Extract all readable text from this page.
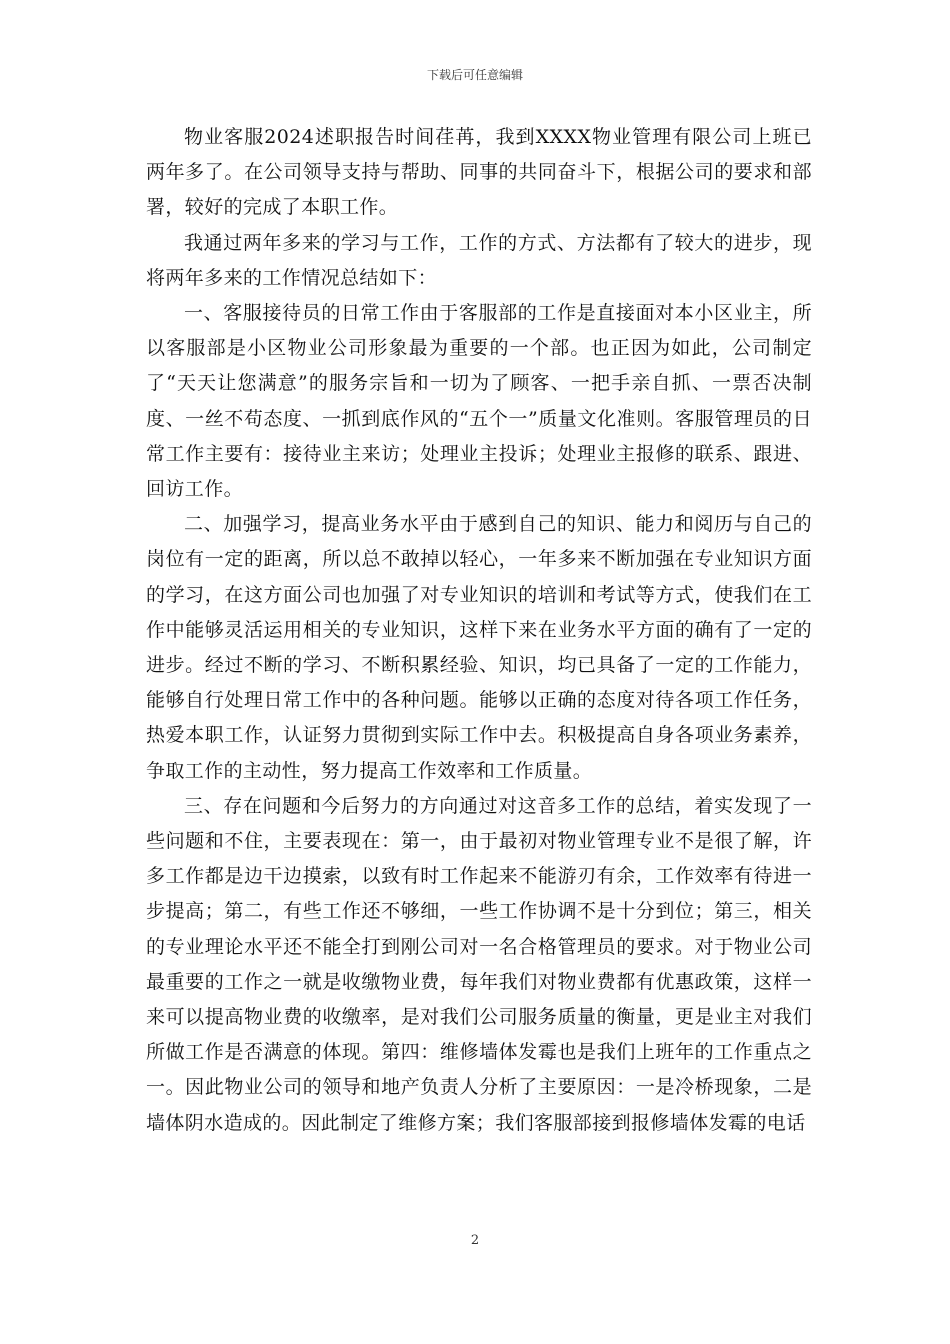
下载后可任意编辑

物业客服2024述职报告时间荏苒，我到XXXX物业管理有限公司上班已两年多了。在公司领导支持与帮助、同事的共同奋斗下，根据公司的要求和部署，较好的完成了本职工作。

我通过两年多来的学习与工作，工作的方式、方法都有了较大的进步，现将两年多来的工作情况总结如下：

一、客服接待员的日常工作由于客服部的工作是直接面对本小区业主，所以客服部是小区物业公司形象最为重要的一个部。也正因为如此，公司制定了“天天让您满意”的服务宗旨和一切为了顾客、一把手亲自抓、一票否决制度、一丝不苟态度、一抓到底作风的“五个一”质量文化准则。客服管理员的日常工作主要有：接待业主来访；处理业主投诉；处理业主报修的联系、跟进、回访工作。

二、加强学习，提高业务水平由于感到自己的知识、能力和阅历与自己的岗位有一定的距离，所以总不敢掉以轻心，一年多来不断加强在专业知识方面的学习，在这方面公司也加强了对专业知识的培训和考试等方式，使我们在工作中能够灵活运用相关的专业知识，这样下来在业务水平方面的确有了一定的进步。经过不断的学习、不断积累经验、知识，均已具备了一定的工作能力，能够自行处理日常工作中的各种问题。能够以正确的态度对待各项工作任务，热爱本职工作，认证努力贯彻到实际工作中去。积极提高自身各项业务素养，争取工作的主动性，努力提高工作效率和工作质量。

三、存在问题和今后努力的方向通过对这音多工作的总结，着实发现了一些问题和不住，主要表现在：第一，由于最初对物业管理专业不是很了解，许多工作都是边干边摸索，以致有时工作起来不能游刃有余，工作效率有待进一步提高；第二，有些工作还不够细，一些工作协调不是十分到位；第三，相关的专业理论水平还不能全打到刚公司对一名合格管理员的要求。对于物业公司最重要的工作之一就是收缴物业费，每年我们对物业费都有优惠政策，这样一来可以提高物业费的收缴率，是对我们公司服务质量的衡量，更是业主对我们所做工作是否满意的体现。第四：维修墙体发霉也是我们上班年的工作重点之一。因此物业公司的领导和地产负责人分析了主要原因：一是冷桥现象，二是墙体阴水造成的。因此制定了维修方案；我们客服部接到报修墙体发霉的电话

2
